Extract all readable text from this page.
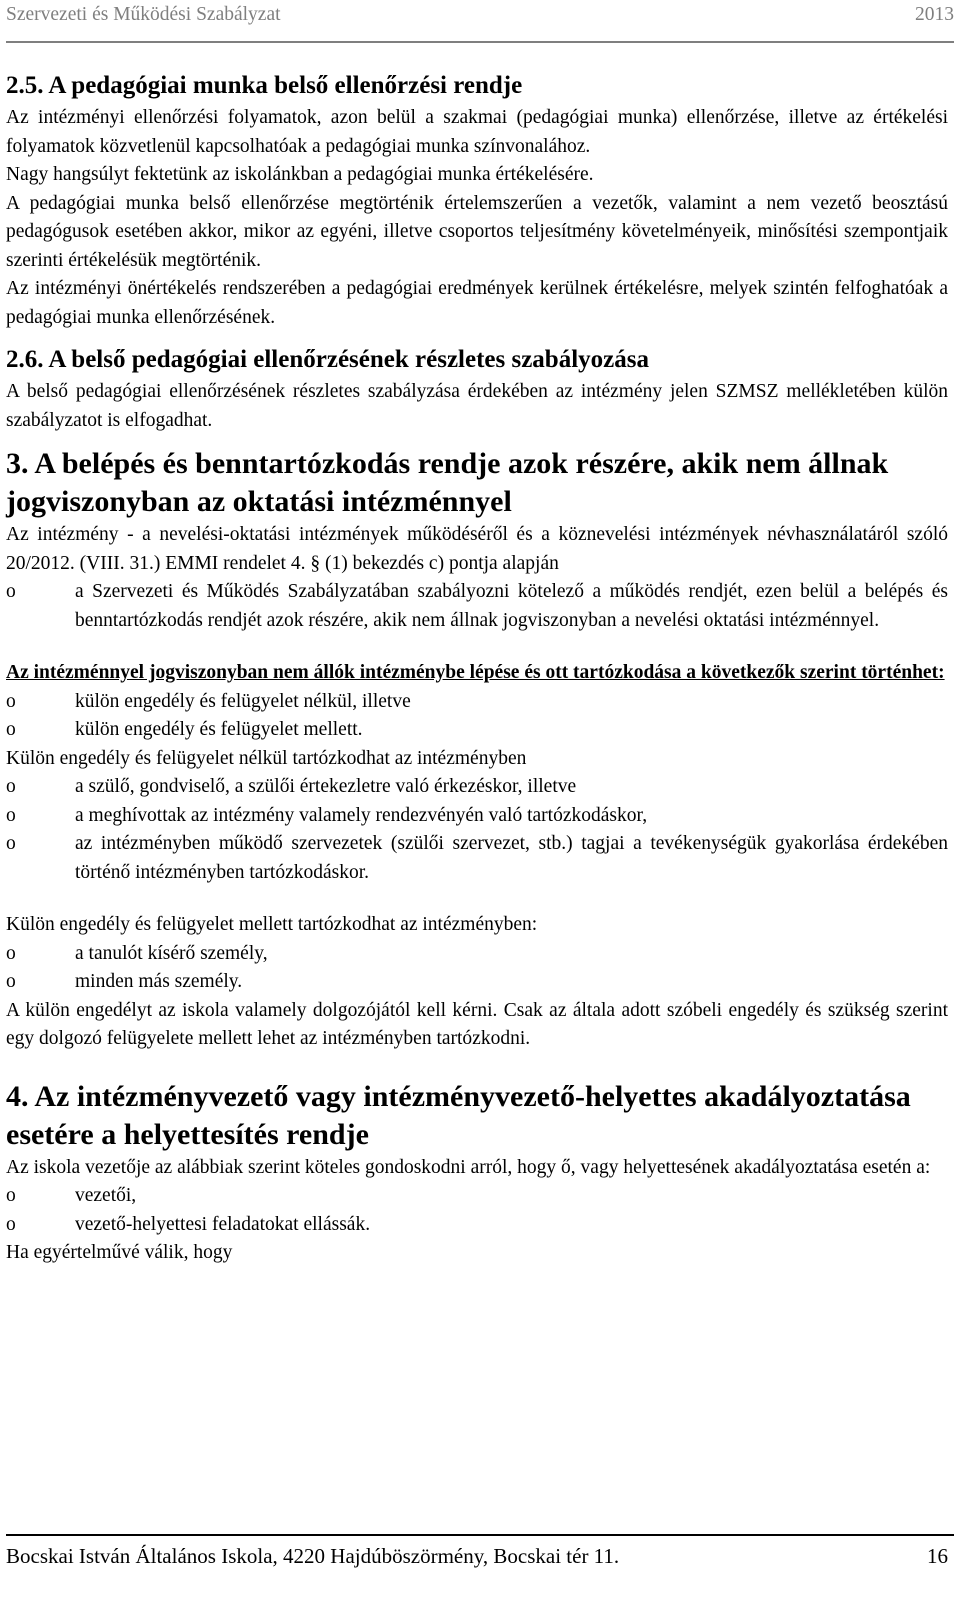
Szervezeti és Működési Szabályzat	2013

2.5. A pedagógiai munka belső ellenőrzési rendje

Az intézményi ellenőrzési folyamatok, azon belül a szakmai (pedagógiai munka) ellenőrzése, illetve az értékelési folyamatok közvetlenül kapcsolhatóak a pedagógiai munka színvonalához.

Nagy hangsúlyt fektetünk az iskolánkban a pedagógiai munka értékelésére.

A pedagógiai munka belső ellenőrzése megtörténik értelemszerűen a vezetők, valamint a nem vezető beosztású pedagógusok esetében akkor, mikor az egyéni, illetve csoportos teljesítmény követelményeik, minősítési szempontjaik szerinti értékelésük megtörténik.

Az intézményi önértékelés rendszerében a pedagógiai eredmények kerülnek értékelésre, melyek szintén felfoghatóak a pedagógiai munka ellenőrzésének.

2.6. A belső pedagógiai ellenőrzésének részletes szabályozása

A belső pedagógiai ellenőrzésének részletes szabályzása érdekében az intézmény jelen SZMSZ mellékletében külön szabályzatot is elfogadhat.

3. A belépés és benntartózkodás rendje azok részére, akik nem állnak jogviszonyban az oktatási intézménnyel

Az intézmény - a nevelési-oktatási intézmények működéséről és a köznevelési intézmények névhasználatáról szóló 20/2012. (VIII. 31.) EMMI rendelet 4. § (1) bekezdés c) pontja alapján

o	a Szervezeti és Működés Szabályzatában szabályozni kötelező a működés rendjét, ezen belül a belépés és benntartózkodás rendjét azok részére, akik nem állnak jogviszonyban a nevelési oktatási intézménnyel.

Az intézménnyel jogviszonyban nem állók intézménybe lépése és ott tartózkodása a következők szerint történhet:

o	külön engedély és felügyelet nélkül, illetve
o	külön engedély és felügyelet mellett.

Külön engedély és felügyelet nélkül tartózkodhat az intézményben

o	a szülő, gondviselő, a szülői értekezletre való érkezéskor, illetve
o	a meghívottak az intézmény valamely rendezvényén való tartózkodáskor,
o	az intézményben működő szervezetek (szülői szervezet, stb.) tagjai a tevékenységük gyakorlása érdekében történő intézményben tartózkodáskor.

Külön engedély és felügyelet mellett tartózkodhat az intézményben:

o	a tanulót kísérő személy,
o	minden más személy.

A külön engedélyt az iskola valamely dolgozójától kell kérni. Csak az általa adott szóbeli engedély és szükség szerint egy dolgozó felügyelete mellett lehet az intézményben tartózkodni.

4. Az intézményvezető vagy intézményvezető-helyettes akadályoztatása esetére a helyettesítés rendje

Az iskola vezetője az alábbiak szerint köteles gondoskodni arról, hogy ő, vagy helyettesének akadályoztatása esetén a:

o	vezetői,
o	vezető-helyettesi feladatokat ellássák.

Ha egyértelművé válik, hogy

Bocskai István Általános Iskola, 4220 Hajdúböszörmény, Bocskai tér 11.	16
